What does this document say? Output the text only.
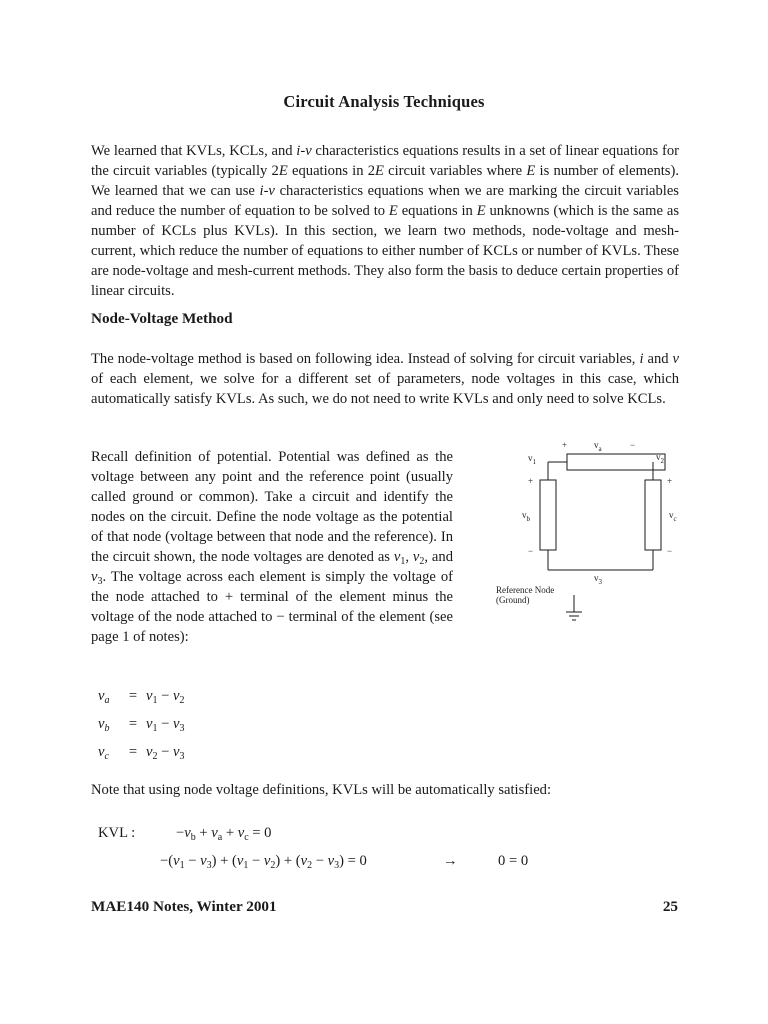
Circuit Analysis Techniques

We learned that KVLs, KCLs, and i-v characteristics equations results in a set of linear equations for the circuit variables (typically 2E equations in 2E circuit variables where E is number of elements). We learned that we can use i-v characteristics equations when we are marking the circuit variables and reduce the number of equation to be solved to E equations in E unknowns (which is the same as number of KCLs plus KVLs). In this section, we learn two methods, node-voltage and mesh-current, which reduce the number of equations to either number of KCLs or number of KVLs. These are node-voltage and mesh-current methods. They also form the basis to deduce certain properties of linear circuits.

Node-Voltage Method

The node-voltage method is based on following idea. Instead of solving for circuit variables, i and v of each element, we solve for a different set of parameters, node voltages in this case, which automatically satisfy KVLs. As such, we do not need to write KVLs and only need to solve KCLs.

Recall definition of potential. Potential was defined as the voltage between any point and the reference point (usually called ground or common). Take a circuit and identify the nodes on the circuit. Define the node voltage as the potential of that node (voltage between that node and the reference). In the circuit shown, the node voltages are denoted as $v_1$, $v_2$, and $v_3$. The voltage across each element is simply the voltage of the node attached to + terminal of the element minus the voltage of the node attached to − terminal of the element (see page 1 of notes):

+	$v_a$	−
$v_1$	$v_2$
+
$v_b$
−
+
$v_c$
−
$v_3$
Reference Node
(Ground)
$v_a = v_1 - v_2$
$v_b = v_1 - v_3$
$v_c = v_2 - v_3$

Note that using node voltage definitions, KVLs will be automatically satisfied:

KVL :	$-v_b + v_a + v_c = 0$
$-(v_1 - v_3) + (v_1 - v_2) + (v_2 - v_3) = 0$	→	0 = 0
MAE140 Notes, Winter 2001	25
